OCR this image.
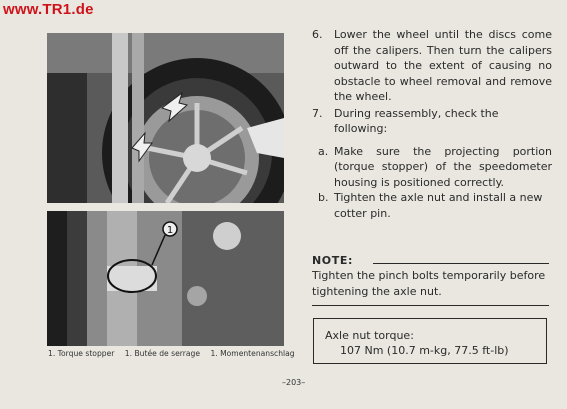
www.TR1.de
1
1. Torque stopper 1. Butée de serrage 1. Momentenanschlag

6. Lower the wheel until the discs come off the calipers. Then turn the calipers outward to the extent of causing no obstacle to wheel removal and remove the wheel.

7. During reassembly, check the following:

a. Make sure the projecting portion (torque stopper) of the speedometer housing is positioned correctly.

b. Tighten the axle nut and install a new cotter pin.

NOTE:
Tighten the pinch bolts temporarily before tightening the axle nut.
Axle nut torque:
107 Nm (10.7 m-kg, 77.5 ft-lb)
–203–
